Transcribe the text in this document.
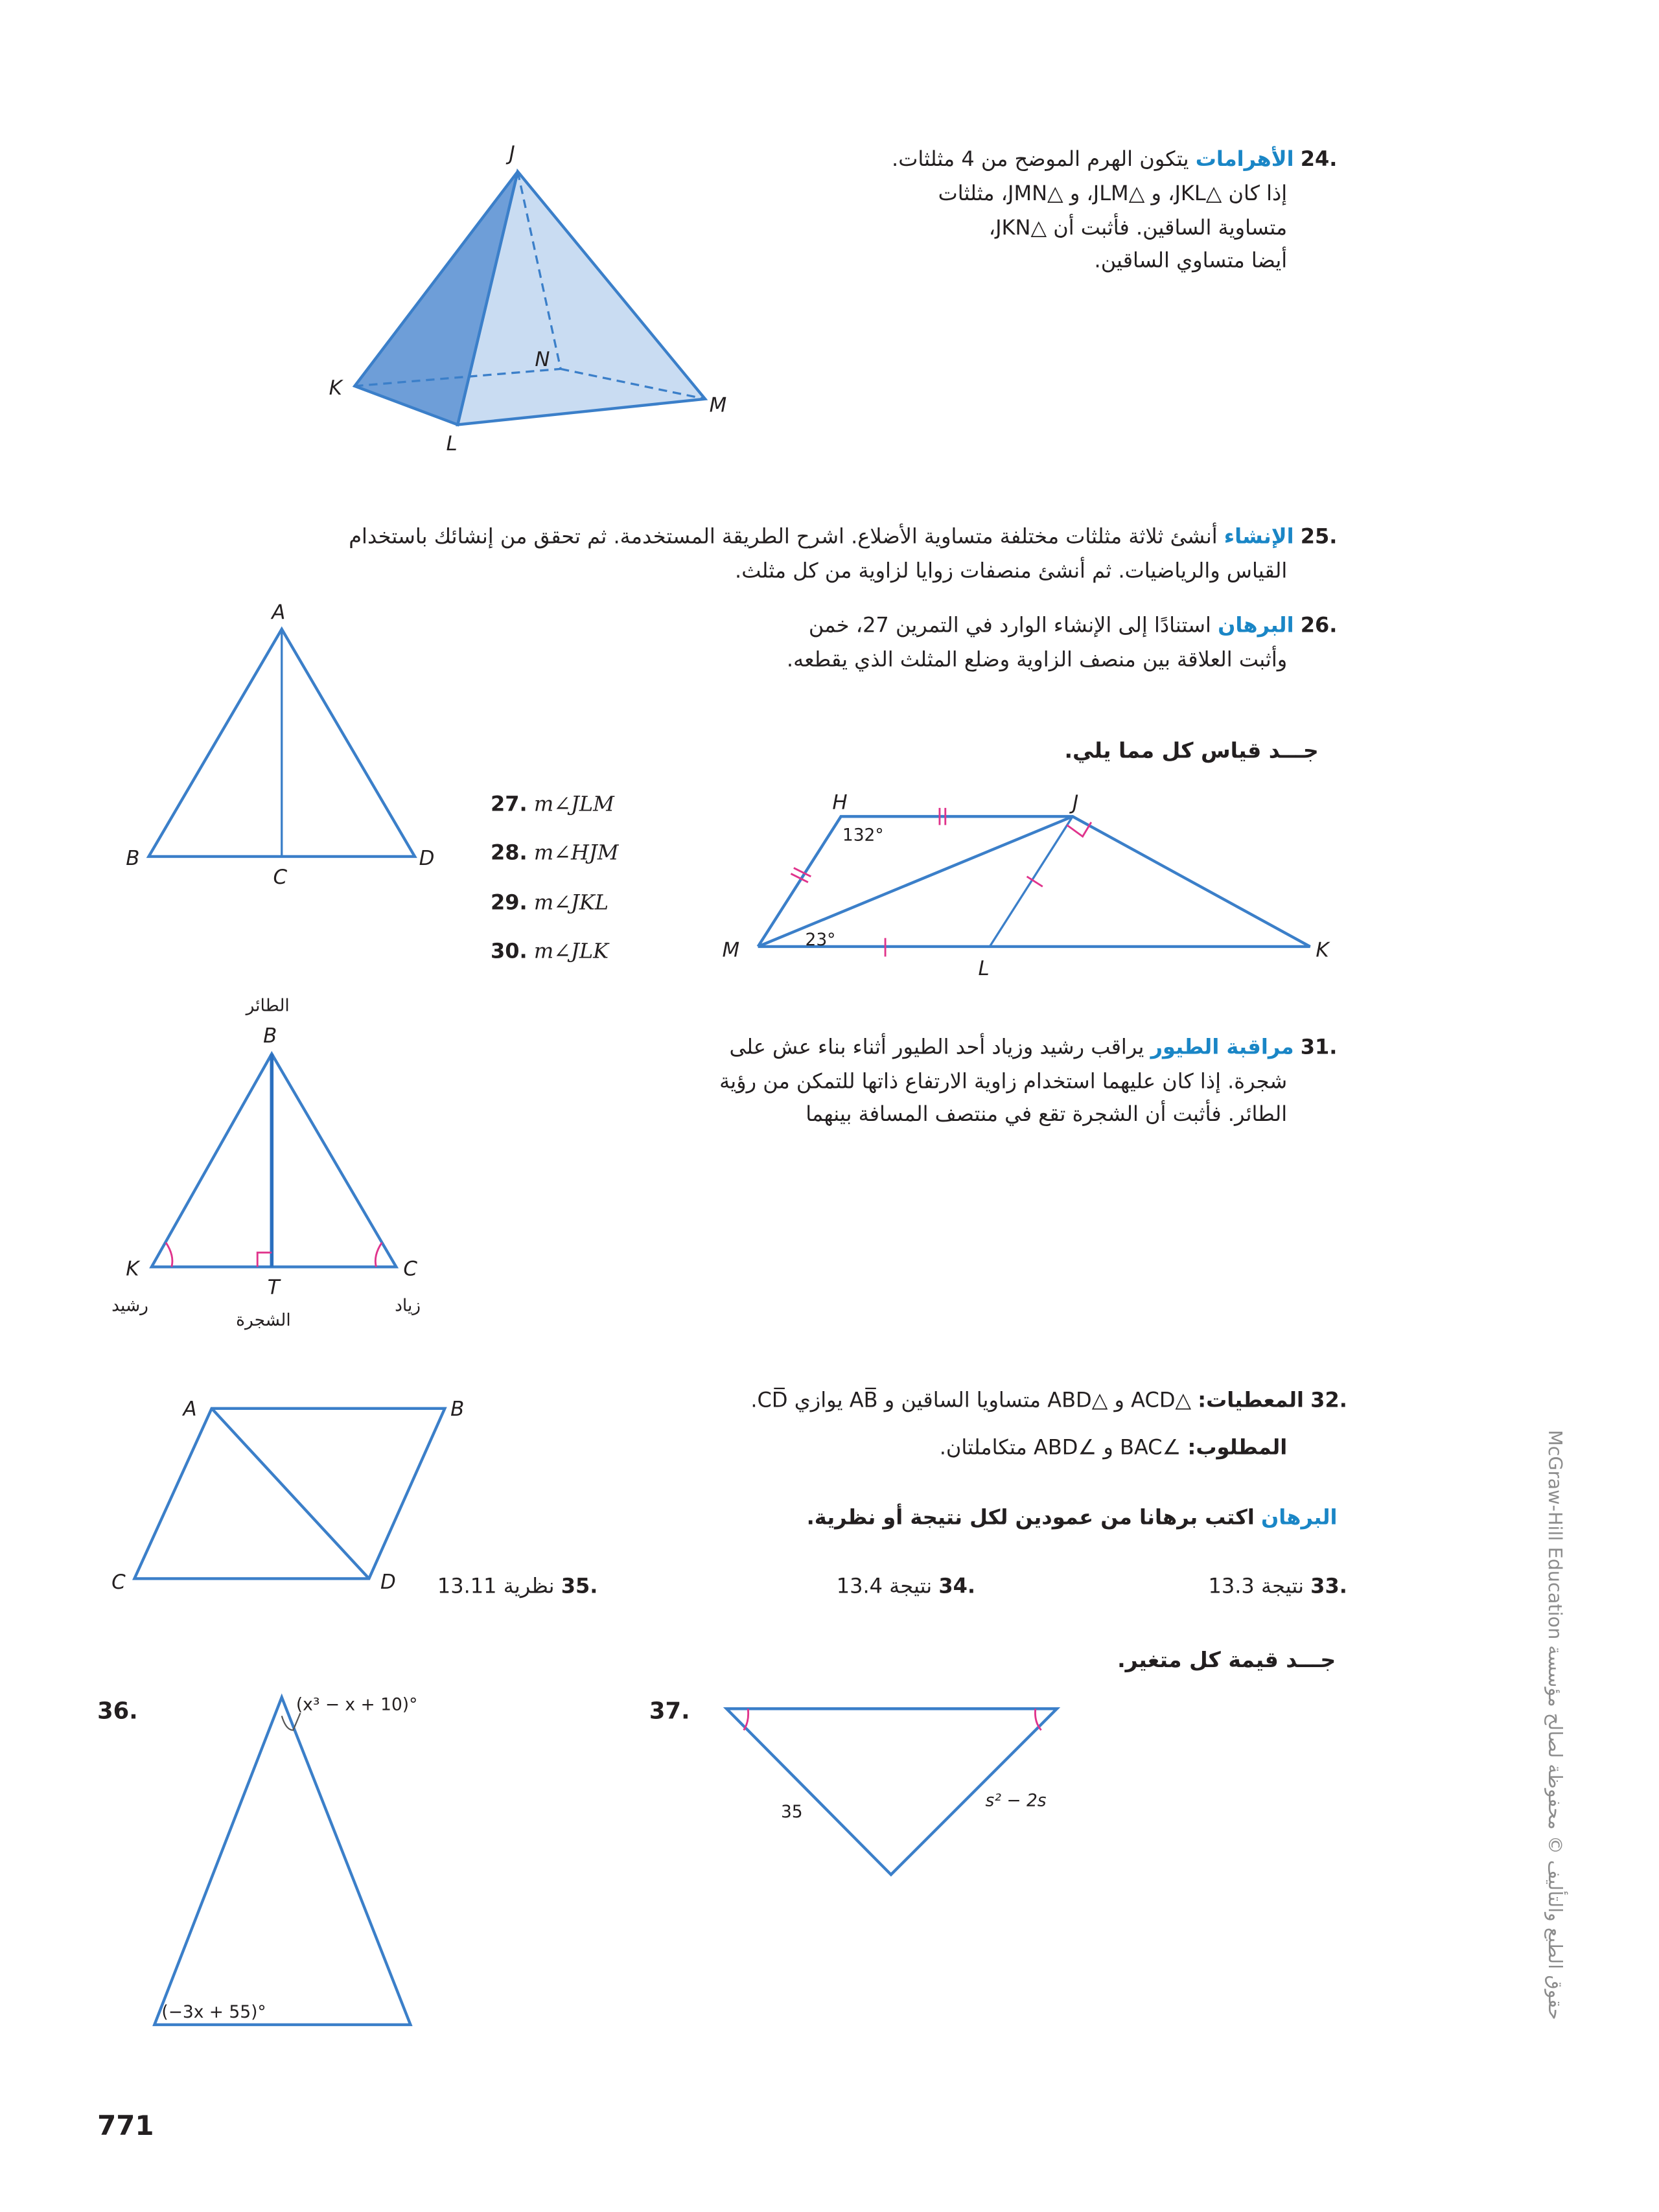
J
K
N
M
L
A
B
C
D
H	J
M
L
K
132°
23°
الطائر
B
K	C
T
رشيد
الشجرة
زياد
A	B
C	D
(x³ − x + 10)°
(−3x + 55)°
35
s² − 2s
.24 الأهرامات يتكون الهرم الموضح من 4 مثلثات.
إذا كان △JKL، و △JLM، و △JMN، مثلثات
متساوية الساقين. فأثبت أن △JKN،
أيضا متساوي الساقين.
.25 الإنشاء أنشئ ثلاثة مثلثات مختلفة متساوية الأضلاع. اشرح الطريقة المستخدمة. ثم تحقق من إنشائك باستخدام
القياس والرياضيات. ثم أنشئ منصفات زوايا لزاوية من كل مثلث.
.26 البرهان استنادًا إلى الإنشاء الوارد في التمرين 27، خمن
وأثبت العلاقة بين منصف الزاوية وضلع المثلث الذي يقطعه.
جـــد قياس كل مما يلي.
27. m∠JLM
28. m∠HJM
29. m∠JKL
30. m∠JLK
.31 مراقبة الطيور يراقب رشيد وزياد أحد الطيور أثناء بناء عش على
شجرة. إذا كان عليهما استخدام زاوية الارتفاع ذاتها للتمكن من رؤية
الطائر. فأثبت أن الشجرة تقع في منتصف المسافة بينهما
.32 المعطيات: △ACD و △ABD متساويا الساقين و AB̅ يوازي CD̅.
المطلوب: ∠BAC و ∠ABD متكاملتان.
البرهان اكتب برهانا من عمودين لكل نتيجة أو نظرية.
.33 نتيجة 13.3
.34 نتيجة 13.4
.35 نظرية 13.11
جـــد قيمة كل متغير.
36.	37.
771
McGraw-Hill Education حقوق الطبع والتأليف © محفوظة لصالح مؤسسة
